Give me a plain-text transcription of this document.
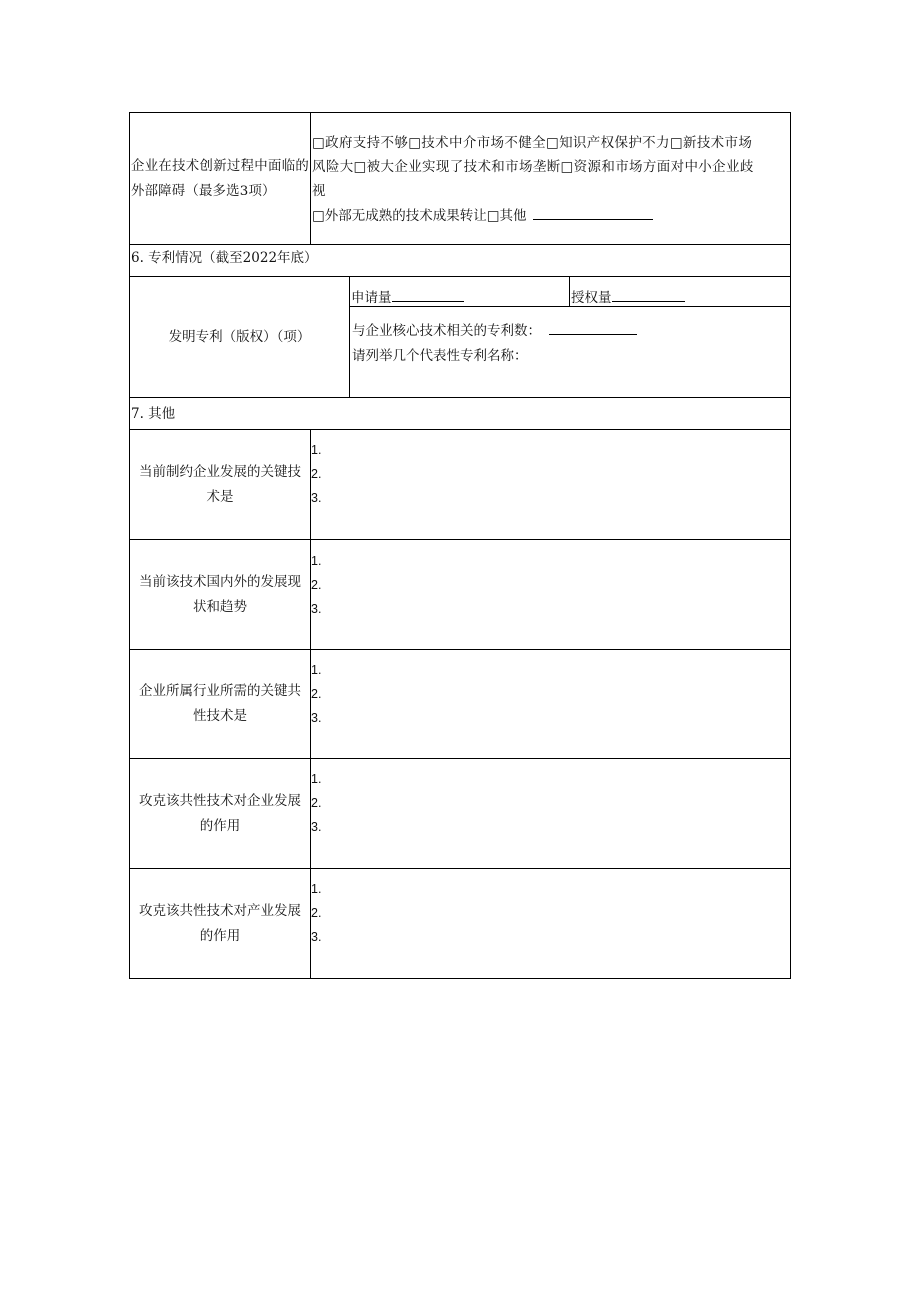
企业在技术创新过程中面临的外部障碍（最多选3项）
□政府支持不够□技术中介市场不健全□知识产权保护不力□新技术市场
风险大□被大企业实现了技术和市场垄断□资源和市场方面对中小企业歧
视
□外部无成熟的技术成果转让□其他
6. 专利情况（截至2022年底）
发明专利（版权）（项）
申请量	授权量
与企业核心技术相关的专利数：
请列举几个代表性专利名称：
7. 其他
当前制约企业发展的关键技
术是
1.
2.
3.
当前该技术国内外的发展现
状和趋势
1.
2.
3.
企业所属行业所需的关键共
性技术是
1.
2.
3.
攻克该共性技术对企业发展
的作用
1.
2.
3.
攻克该共性技术对产业发展
的作用
1.
2.
3.
